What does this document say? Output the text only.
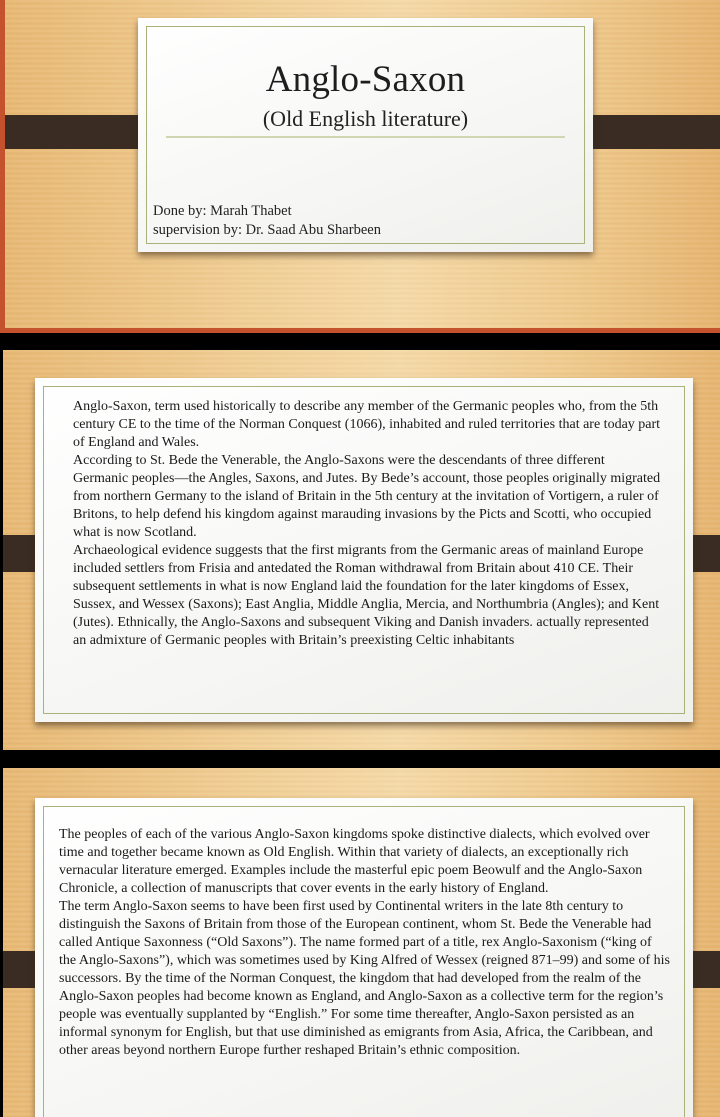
Anglo-Saxon
(Old English literature)
Done by: Marah Thabet
supervision by: Dr. Saad Abu Sharbeen

Anglo-Saxon, term used historically to describe any member of the Germanic peoples who, from the 5th century CE to the time of the Norman Conquest (1066), inhabited and ruled territories that are today part of England and Wales.

According to St. Bede the Venerable, the Anglo-Saxons were the descendants of three different Germanic peoples—the Angles, Saxons, and Jutes. By Bede’s account, those peoples originally migrated from northern Germany to the island of Britain in the 5th century at the invitation of Vortigern, a ruler of Britons, to help defend his kingdom against marauding invasions by the Picts and Scotti, who occupied what is now Scotland.

Archaeological evidence suggests that the first migrants from the Germanic areas of mainland Europe included settlers from Frisia and antedated the Roman withdrawal from Britain about 410 CE. Their subsequent settlements in what is now England laid the foundation for the later kingdoms of Essex, Sussex, and Wessex (Saxons); East Anglia, Middle Anglia, Mercia, and Northumbria (Angles); and Kent (Jutes). Ethnically, the Anglo-Saxons and subsequent Viking and Danish invaders. actually represented an admixture of Germanic peoples with Britain’s preexisting Celtic inhabitants

The peoples of each of the various Anglo-Saxon kingdoms spoke distinctive dialects, which evolved over time and together became known as Old English. Within that variety of dialects, an exceptionally rich vernacular literature emerged. Examples include the masterful epic poem Beowulf and the Anglo-Saxon Chronicle, a collection of manuscripts that cover events in the early history of England.

The term Anglo-Saxon seems to have been first used by Continental writers in the late 8th century to distinguish the Saxons of Britain from those of the European continent, whom St. Bede the Venerable had called Antique Saxonness (“Old Saxons”). The name formed part of a title, rex Anglo-Saxonism (“king of the Anglo-Saxons”), which was sometimes used by King Alfred of Wessex (reigned 871–99) and some of his successors. By the time of the Norman Conquest, the kingdom that had developed from the realm of the Anglo-Saxon peoples had become known as England, and Anglo-Saxon as a collective term for the region’s people was eventually supplanted by “English.” For some time thereafter, Anglo-Saxon persisted as an informal synonym for English, but that use diminished as emigrants from Asia, Africa, the Caribbean, and other areas beyond northern Europe further reshaped Britain’s ethnic composition.
